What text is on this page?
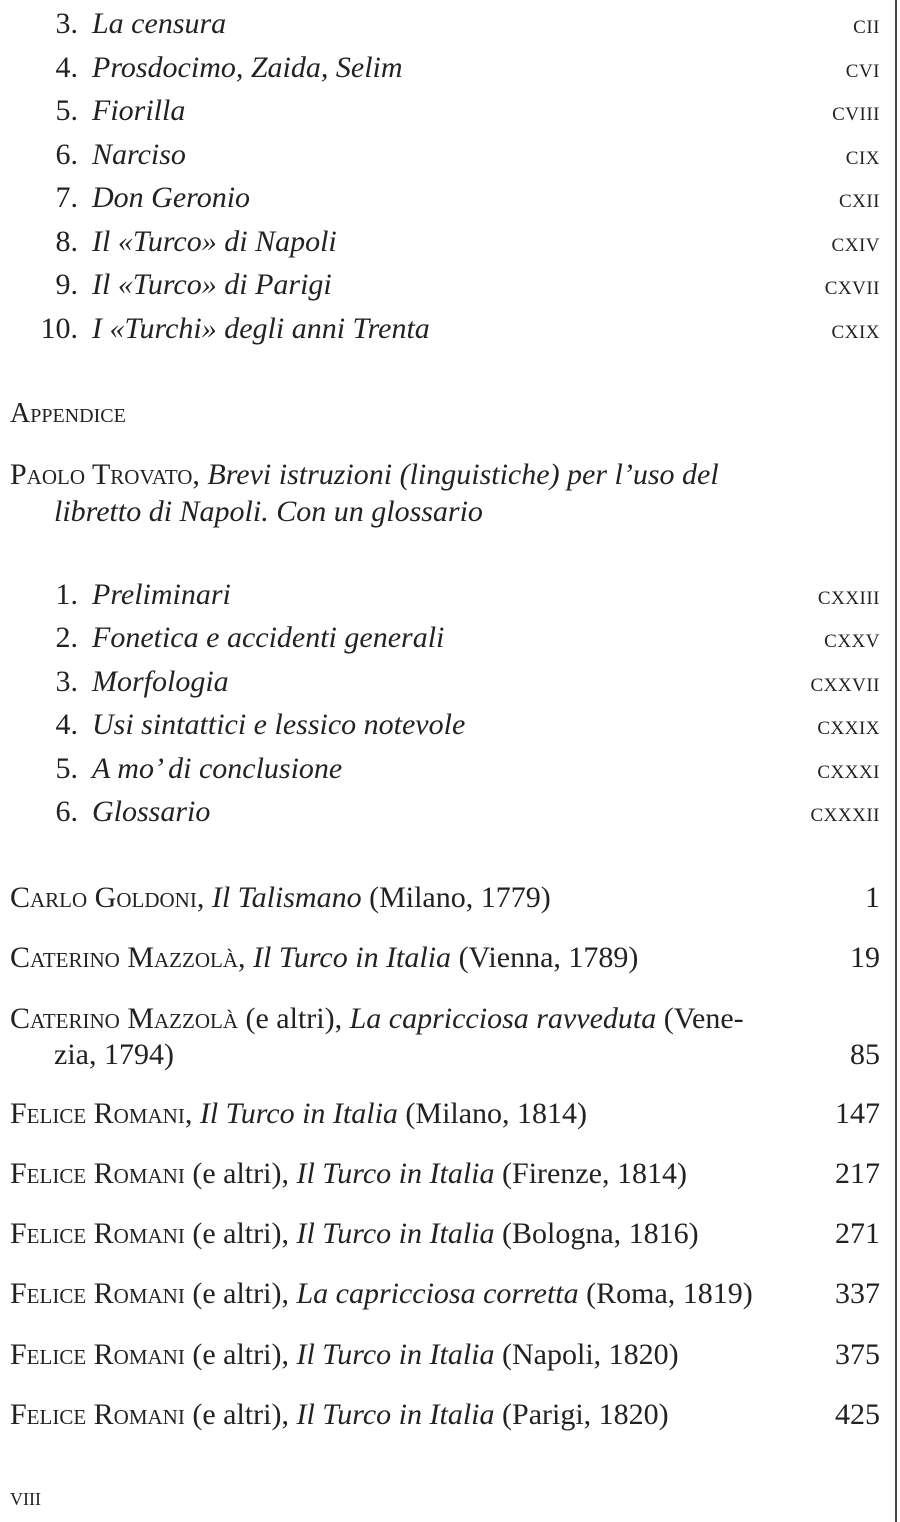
3. La censura	cii
4. Prosdocimo, Zaida, Selim	cvi
5. Fiorilla	cviii
6. Narciso	cix
7. Don Geronio	cxii
8. Il «Turco» di Napoli	cxiv
9. Il «Turco» di Parigi	cxvii
10. I «Turchi» degli anni Trenta	cxix
Appendice
Paolo Trovato, Brevi istruzioni (linguistiche) per l’uso del
libretto di Napoli. Con un glossario
1. Preliminari	cxxiii
2. Fonetica e accidenti generali	cxxv
3. Morfologia	cxxvii
4. Usi sintattici e lessico notevole	cxxix
5. A mo’ di conclusione	cxxxi
6. Glossario	cxxxii
Carlo Goldoni, Il Talismano (Milano, 1779)	1
Caterino Mazzolà, Il Turco in Italia (Vienna, 1789)	19
Caterino Mazzolà (e altri), La capricciosa ravveduta (Vene-
zia, 1794)	85
Felice Romani, Il Turco in Italia (Milano, 1814)	147
Felice Romani (e altri), Il Turco in Italia (Firenze, 1814)	217
Felice Romani (e altri), Il Turco in Italia (Bologna, 1816)	271
Felice Romani (e altri), La capricciosa corretta (Roma, 1819)	337
Felice Romani (e altri), Il Turco in Italia (Napoli, 1820)	375
Felice Romani (e altri), Il Turco in Italia (Parigi, 1820)	425
viii
